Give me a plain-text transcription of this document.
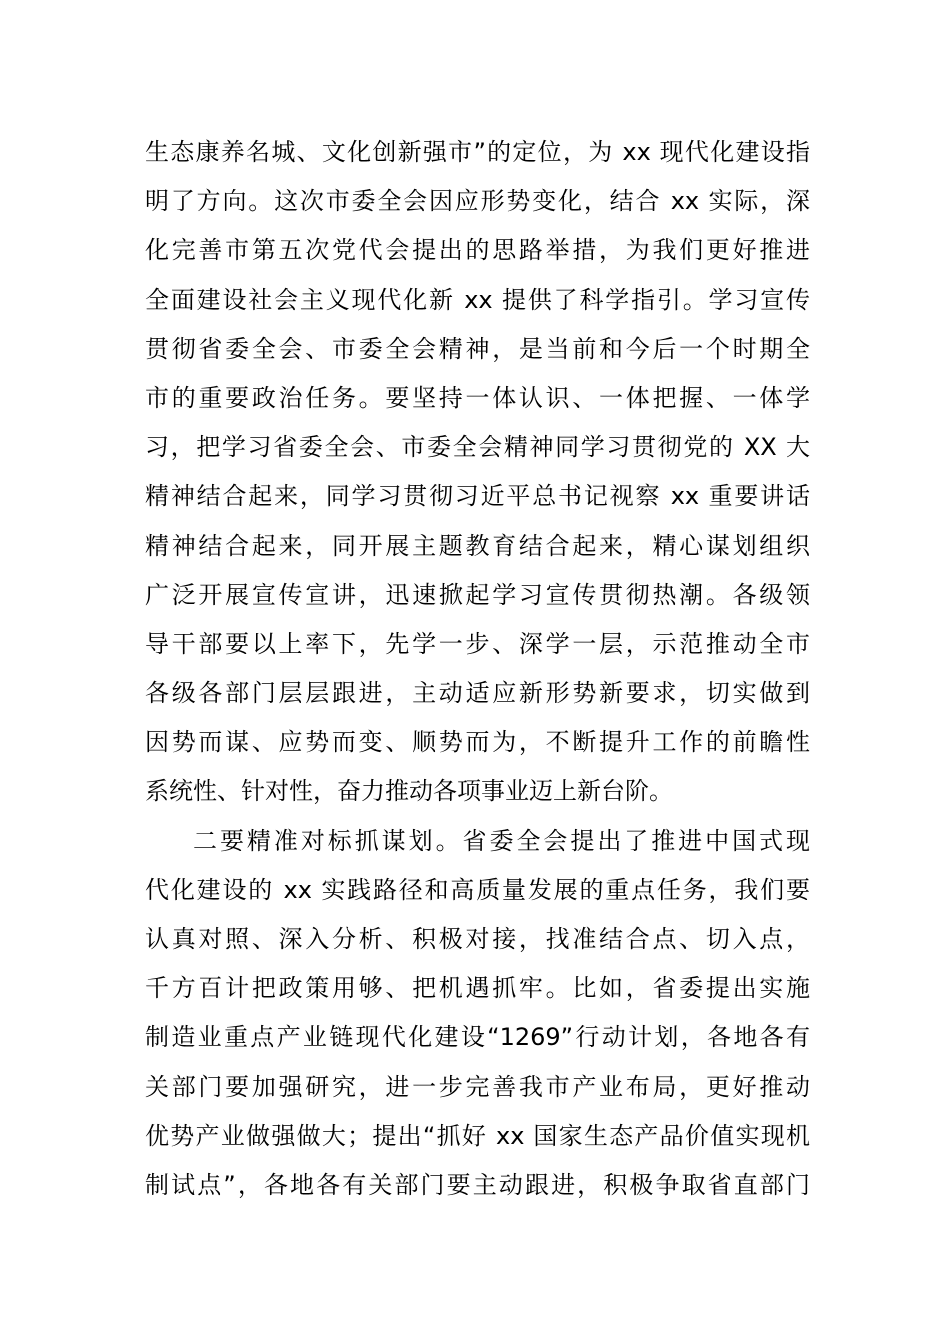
生态康养名城、文化创新强市”的定位，为 xx 现代化建设指
明了方向。这次市委全会因应形势变化，结合 xx 实际，深
化完善市第五次党代会提出的思路举措，为我们更好推进
全面建设社会主义现代化新 xx 提供了科学指引。学习宣传
贯彻省委全会、市委全会精神，是当前和今后一个时期全
市的重要政治任务。要坚持一体认识、一体把握、一体学
习，把学习省委全会、市委全会精神同学习贯彻党的 XX 大
精神结合起来，同学习贯彻习近平总书记视察 xx 重要讲话
精神结合起来，同开展主题教育结合起来，精心谋划组织
广泛开展宣传宣讲，迅速掀起学习宣传贯彻热潮。各级领
导干部要以上率下，先学一步、深学一层，示范推动全市
各级各部门层层跟进，主动适应新形势新要求，切实做到
因势而谋、应势而变、顺势而为，不断提升工作的前瞻性
系统性、针对性，奋力推动各项事业迈上新台阶。
二要精准对标抓谋划。省委全会提出了推进中国式现
代化建设的 xx 实践路径和高质量发展的重点任务，我们要
认真对照、深入分析、积极对接，找准结合点、切入点，
千方百计把政策用够、把机遇抓牢。比如，省委提出实施
制造业重点产业链现代化建设“1269”行动计划，各地各有
关部门要加强研究，进一步完善我市产业布局，更好推动
优势产业做强做大；提出“抓好 xx 国家生态产品价值实现机
制试点”，各地各有关部门要主动跟进，积极争取省直部门
